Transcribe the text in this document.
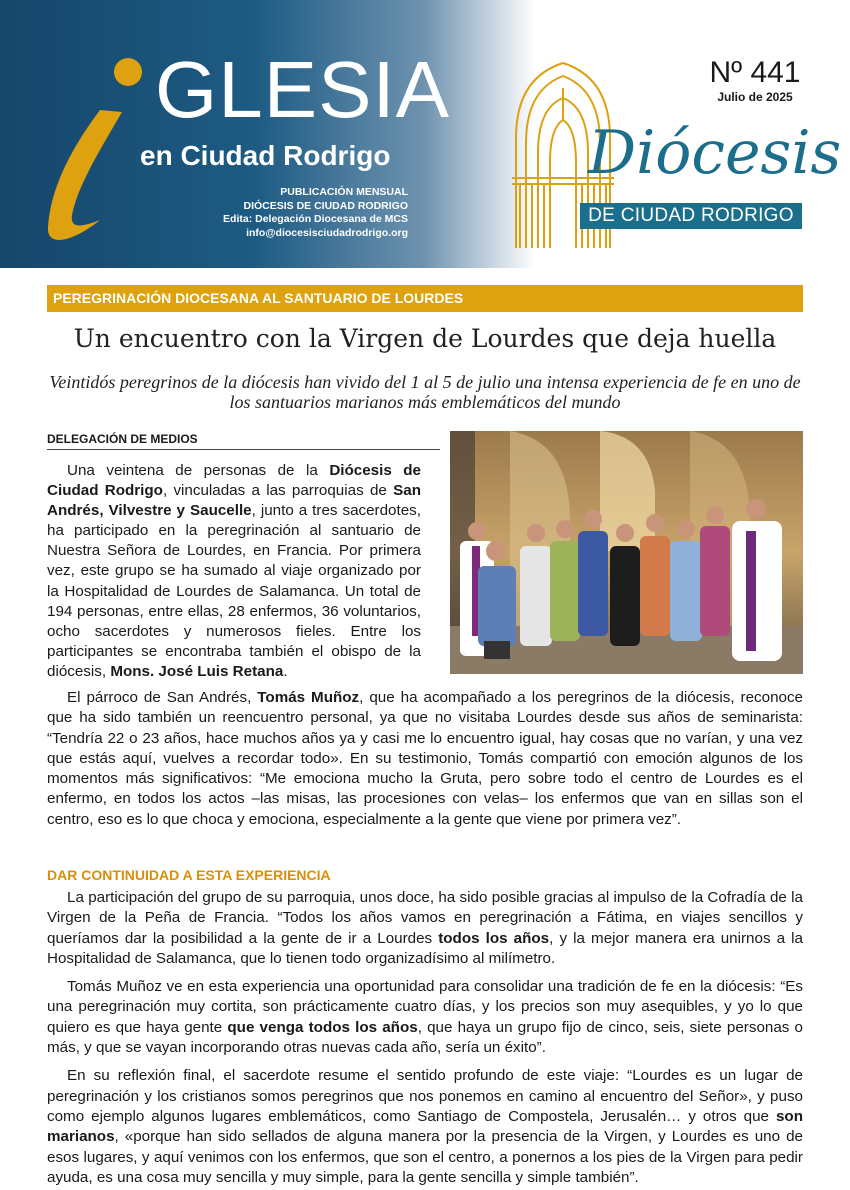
GLESIA
en Ciudad Rodrigo
PUBLICACIÓN MENSUAL
DIÓCESIS DE CIUDAD RODRIGO
Edita: Delegación Diocesana de MCS
info@diocesisciudadrodrigo.org
Nº 441
Julio de 2025
Diócesis
DE CIUDAD RODRIGO
PEREGRINACIÓN DIOCESANA AL SANTUARIO DE LOURDES
Un encuentro con la Virgen de Lourdes que deja huella
Veintidós peregrinos de la diócesis han vivido del 1 al 5 de julio una intensa experiencia de fe en uno de los santuarios marianos más emblemáticos del mundo
DELEGACIÓN DE MEDIOS

Una veintena de personas de la Diócesis de Ciudad Rodrigo, vinculadas a las parroquias de San Andrés, Vilvestre y Saucelle, junto a tres sacerdotes, ha participado en la peregrinación al santuario de Nuestra Señora de Lourdes, en Francia. Por primera vez, este grupo se ha sumado al viaje organizado por la Hospitalidad de Lourdes de Salamanca. Un total de 194 personas, entre ellas, 28 enfermos, 36 voluntarios, ocho sacerdotes y numerosos fieles. Entre los participantes se encontraba también el obispo de la diócesis, Mons. José Luis Retana.

El párroco de San Andrés, Tomás Muñoz, que ha acompañado a los peregrinos de la diócesis, reconoce que ha sido también un reencuentro personal, ya que no visitaba Lourdes desde sus años de seminarista: “Tendría 22 o 23 años, hace muchos años ya y casi me lo encuentro igual, hay cosas que no varían, y una vez que estás aquí, vuelves a recordar todo». En su testimonio, Tomás compartió con emoción algunos de los momentos más significativos: “Me emociona mucho la Gruta, pero sobre todo el centro de Lourdes es el enfermo, en todos los actos –las misas, las procesiones con velas– los enfermos que van en sillas son el centro, eso es lo que choca y emociona, especialmente a la gente que viene por primera vez”.

DAR CONTINUIDAD A ESTA EXPERIENCIA

La participación del grupo de su parroquia, unos doce, ha sido posible gracias al impulso de la Cofradía de la Virgen de la Peña de Francia. “Todos los años vamos en peregrinación a Fátima, en viajes sencillos y queríamos dar la posibilidad a la gente de ir a Lourdes todos los años, y la mejor manera era unirnos a la Hospitalidad de Salamanca, que lo tienen todo organizadísimo al milímetro.

Tomás Muñoz ve en esta experiencia una oportunidad para consolidar una tradición de fe en la diócesis: “Es una peregrinación muy cortita, son prácticamente cuatro días, y los precios son muy asequibles, y yo lo que quiero es que haya gente que venga todos los años, que haya un grupo fijo de cinco, seis, siete personas o más, y que se vayan incorporando otras nuevas cada año, sería un éxito”.

En su reflexión final, el sacerdote resume el sentido profundo de este viaje: “Lourdes es un lugar de peregrinación y los cristianos somos peregrinos que nos ponemos en camino al encuentro del Señor», y puso como ejemplo algunos lugares emblemáticos, como Santiago de Compostela, Jerusalén… y otros que son marianos, «porque han sido sellados de alguna manera por la presencia de la Virgen, y Lourdes es uno de esos lugares, y aquí venimos con los enfermos, que son el centro, a ponernos a los pies de la Virgen para pedir ayuda, es una cosa muy sencilla y muy simple, para la gente sencilla y simple también”.
